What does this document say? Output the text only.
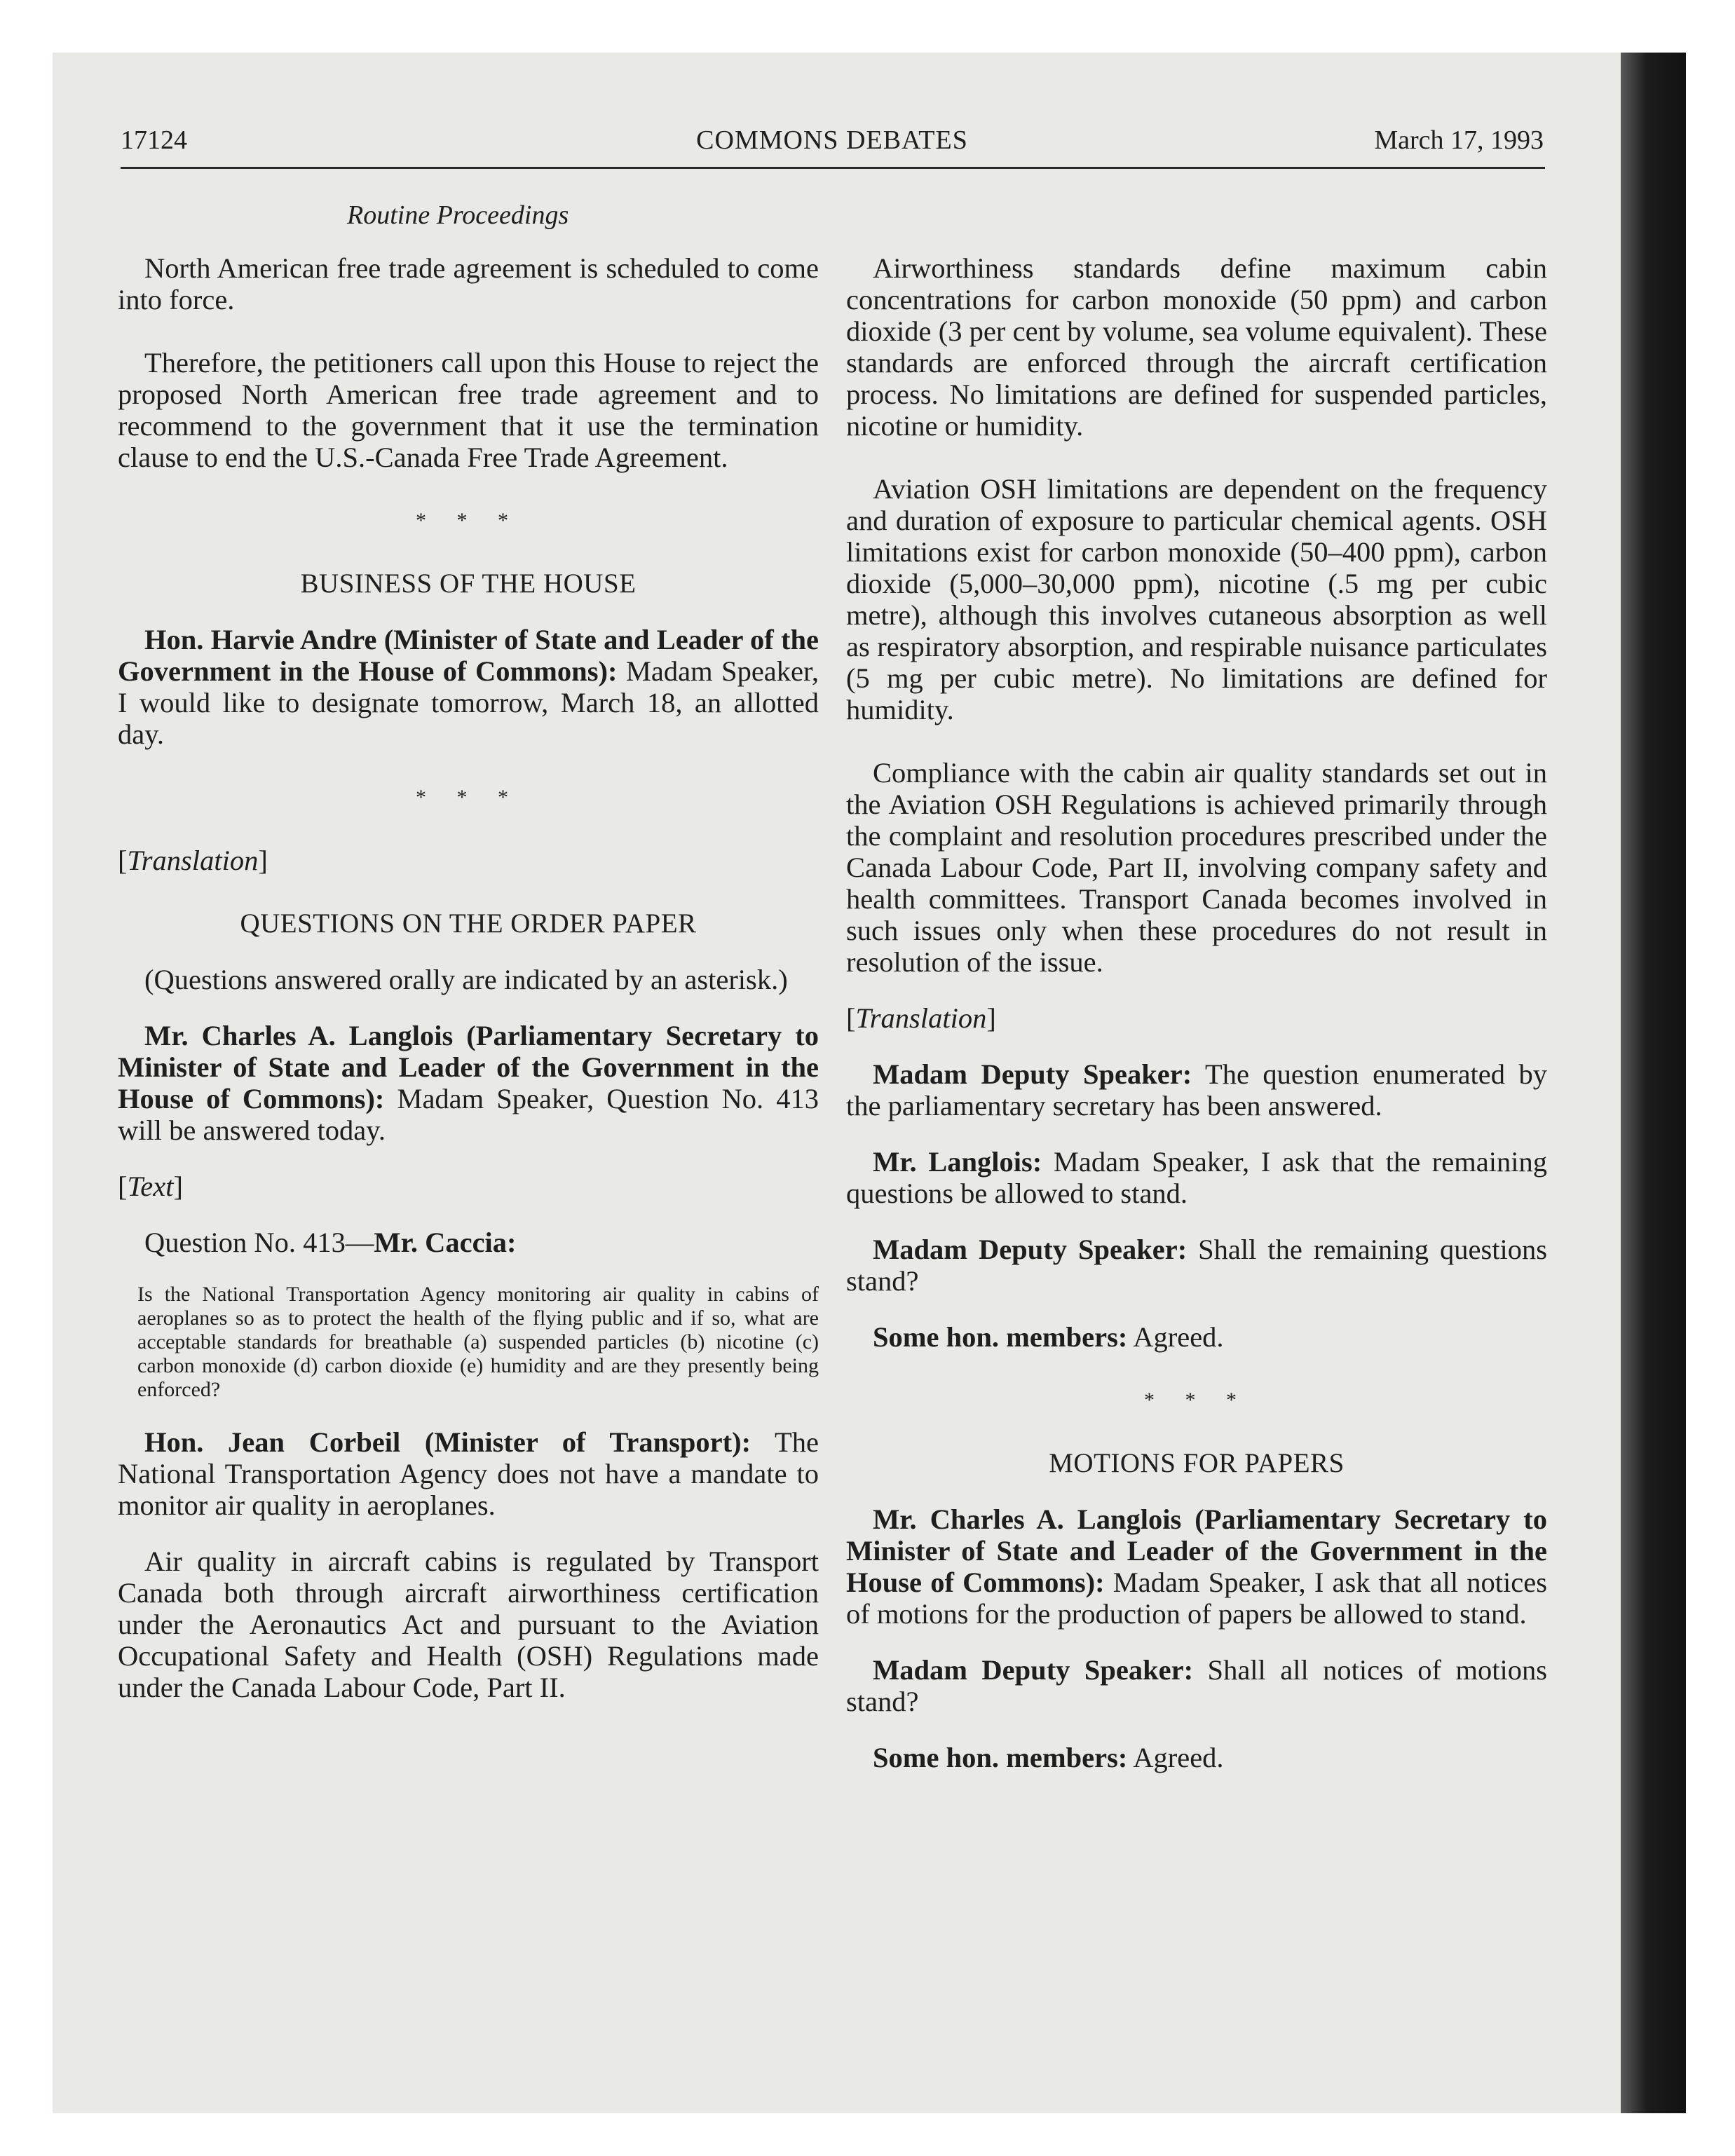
17124	COMMONS DEBATES	March 17, 1993
Routine Proceedings

North American free trade agreement is scheduled to come into force.

Therefore, the petitioners call upon this House to reject the proposed North American free trade agreement and to recommend to the government that it use the termination clause to end the U.S.-Canada Free Trade Agreement.

* * *

BUSINESS OF THE HOUSE

Hon. Harvie Andre (Minister of State and Leader of the Government in the House of Commons): Madam Speaker, I would like to designate tomorrow, March 18, an allotted day.

* * *

[Translation]

QUESTIONS ON THE ORDER PAPER

(Questions answered orally are indicated by an asterisk.)

Mr. Charles A. Langlois (Parliamentary Secretary to Minister of State and Leader of the Government in the House of Commons): Madam Speaker, Question No. 413 will be answered today.

[Text]

Question No. 413—Mr. Caccia:

Is the National Transportation Agency monitoring air quality in cabins of aeroplanes so as to protect the health of the flying public and if so, what are acceptable standards for breathable (a) suspended particles (b) nicotine (c) carbon monoxide (d) carbon dioxide (e) humidity and are they presently being enforced?

Hon. Jean Corbeil (Minister of Transport): The National Transportation Agency does not have a mandate to monitor air quality in aeroplanes.

Air quality in aircraft cabins is regulated by Transport Canada both through aircraft airworthiness certification under the Aeronautics Act and pursuant to the Aviation Occupational Safety and Health (OSH) Regulations made under the Canada Labour Code, Part II.

Airworthiness standards define maximum cabin concentrations for carbon monoxide (50 ppm) and carbon dioxide (3 per cent by volume, sea volume equivalent). These standards are enforced through the aircraft certification process. No limitations are defined for suspended particles, nicotine or humidity.

Aviation OSH limitations are dependent on the frequency and duration of exposure to particular chemical agents. OSH limitations exist for carbon monoxide (50–400 ppm), carbon dioxide (5,000–30,000 ppm), nicotine (.5 mg per cubic metre), although this involves cutaneous absorption as well as respiratory absorption, and respirable nuisance particulates (5 mg per cubic metre). No limitations are defined for humidity.

Compliance with the cabin air quality standards set out in the Aviation OSH Regulations is achieved primarily through the complaint and resolution procedures prescribed under the Canada Labour Code, Part II, involving company safety and health committees. Transport Canada becomes involved in such issues only when these procedures do not result in resolution of the issue.

[Translation]

Madam Deputy Speaker: The question enumerated by the parliamentary secretary has been answered.

Mr. Langlois: Madam Speaker, I ask that the remaining questions be allowed to stand.

Madam Deputy Speaker: Shall the remaining questions stand?

Some hon. members: Agreed.

* * *

MOTIONS FOR PAPERS

Mr. Charles A. Langlois (Parliamentary Secretary to Minister of State and Leader of the Government in the House of Commons): Madam Speaker, I ask that all notices of motions for the production of papers be allowed to stand.

Madam Deputy Speaker: Shall all notices of motions stand?

Some hon. members: Agreed.
